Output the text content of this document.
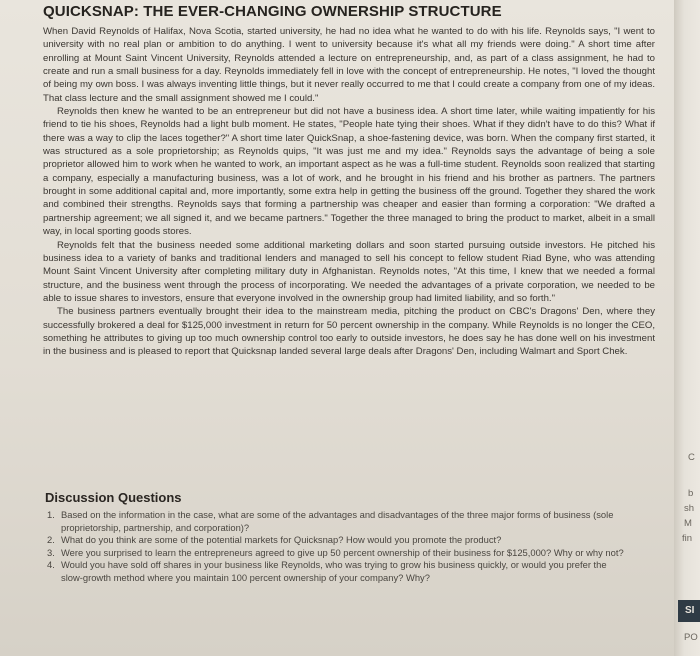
QUICKSNAP: THE EVER-CHANGING OWNERSHIP STRUCTURE

When David Reynolds of Halifax, Nova Scotia, started university, he had no idea what he wanted to do with his life. Reynolds says, "I went to university with no real plan or ambition to do anything. I went to university because it's what all my friends were doing." A short time after enrolling at Mount Saint Vincent University, Reynolds attended a lecture on entrepreneurship, and, as part of a class assignment, he had to create and run a small business for a day. Reynolds immediately fell in love with the concept of entrepreneurship. He notes, "I loved the thought of being my own boss. I was always inventing little things, but it never really occurred to me that I could create a company from one of my ideas. That class lecture and the small assignment showed me I could."

Reynolds then knew he wanted to be an entrepreneur but did not have a business idea. A short time later, while waiting impatiently for his friend to tie his shoes, Reynolds had a light bulb moment. He states, "People hate tying their shoes. What if they didn't have to do this? What if there was a way to clip the laces together?" A short time later QuickSnap, a shoe-fastening device, was born. When the company first started, it was structured as a sole proprietorship; as Reynolds quips, "It was just me and my idea." Reynolds says the advantage of being a sole proprietor allowed him to work when he wanted to work, an important aspect as he was a full-time student. Reynolds soon realized that starting a company, especially a manufacturing business, was a lot of work, and he brought in his friend and his brother as partners. The partners brought in some additional capital and, more importantly, some extra help in getting the business off the ground. Together they shared the work and combined their strengths. Reynolds says that forming a partnership was cheaper and easier than forming a corporation: "We drafted a partnership agreement; we all signed it, and we became partners." Together the three managed to bring the product to market, albeit in a small way, in local sporting goods stores.

Reynolds felt that the business needed some additional marketing dollars and soon started pursuing outside investors. He pitched his business idea to a variety of banks and traditional lenders and managed to sell his concept to fellow student Riad Byne, who was attending Mount Saint Vincent University after completing military duty in Afghanistan. Reynolds notes, "At this time, I knew that we needed a formal structure, and the business went through the process of incorporating. We needed the advantages of a private corporation, we needed to be able to issue shares to investors, ensure that everyone involved in the ownership group had limited liability, and so forth."

The business partners eventually brought their idea to the mainstream media, pitching the product on CBC's Dragons' Den, where they successfully brokered a deal for $125,000 investment in return for 50 percent ownership in the company. While Reynolds is no longer the CEO, something he attributes to giving up too much ownership control too early to outside investors, he does say he has done well on his investment in the business and is pleased to report that Quicksnap landed several large deals after Dragons' Den, including Walmart and Sport Chek.

Discussion Questions
1. Based on the information in the case, what are some of the advantages and disadvantages of the three major forms of business (sole proprietorship, partnership, and corporation)?
2. What do you think are some of the potential markets for Quicksnap? How would you promote the product?
3. Were you surprised to learn the entrepreneurs agreed to give up 50 percent ownership of their business for $125,000? Why or why not?
4. Would you have sold off shares in your business like Reynolds, who was trying to grow his business quickly, or would you prefer the slow-growth method where you maintain 100 percent ownership of your company? Why?
C
b
sh
M
fin
SI
PO
